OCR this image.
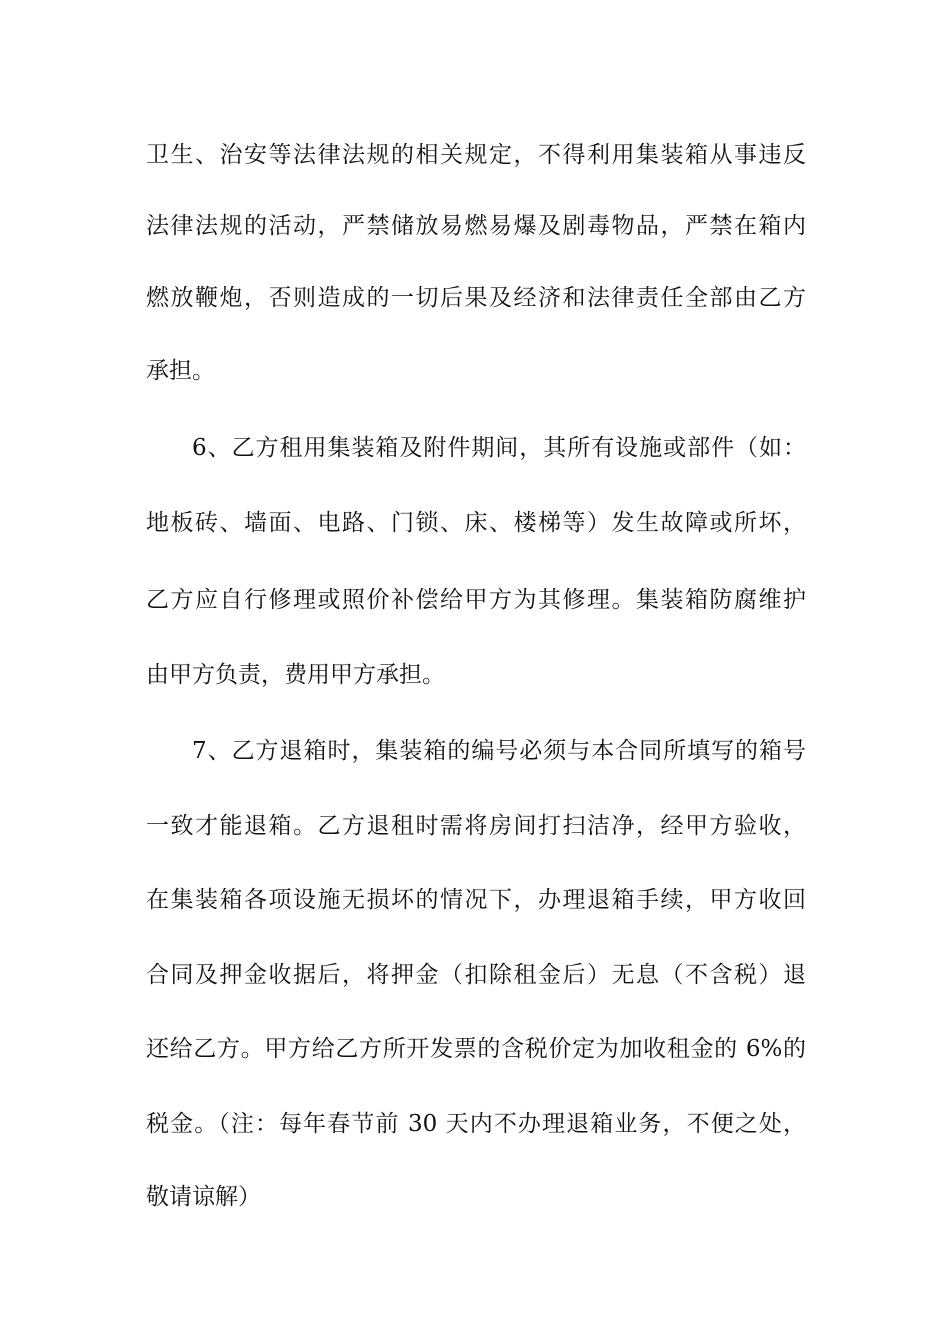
卫生、治安等法律法规的相关规定，不得利用集装箱从事违反
法律法规的活动，严禁储放易燃易爆及剧毒物品，严禁在箱内
燃放鞭炮，否则造成的一切后果及经济和法律责任全部由乙方
承担。
6、乙方租用集装箱及附件期间，其所有设施或部件（如：
地板砖、墙面、电路、门锁、床、楼梯等）发生故障或所坏，
乙方应自行修理或照价补偿给甲方为其修理。集装箱防腐维护
由甲方负责，费用甲方承担。
7、乙方退箱时，集装箱的编号必须与本合同所填写的箱号
一致才能退箱。乙方退租时需将房间打扫洁净，经甲方验收，
在集装箱各项设施无损坏的情况下，办理退箱手续，甲方收回
合同及押金收据后，将押金（扣除租金后）无息（不含税）退
还给乙方。甲方给乙方所开发票的含税价定为加收租金的 6%的
税金。（注：每年春节前 30 天内不办理退箱业务，不便之处，
敬请谅解）
